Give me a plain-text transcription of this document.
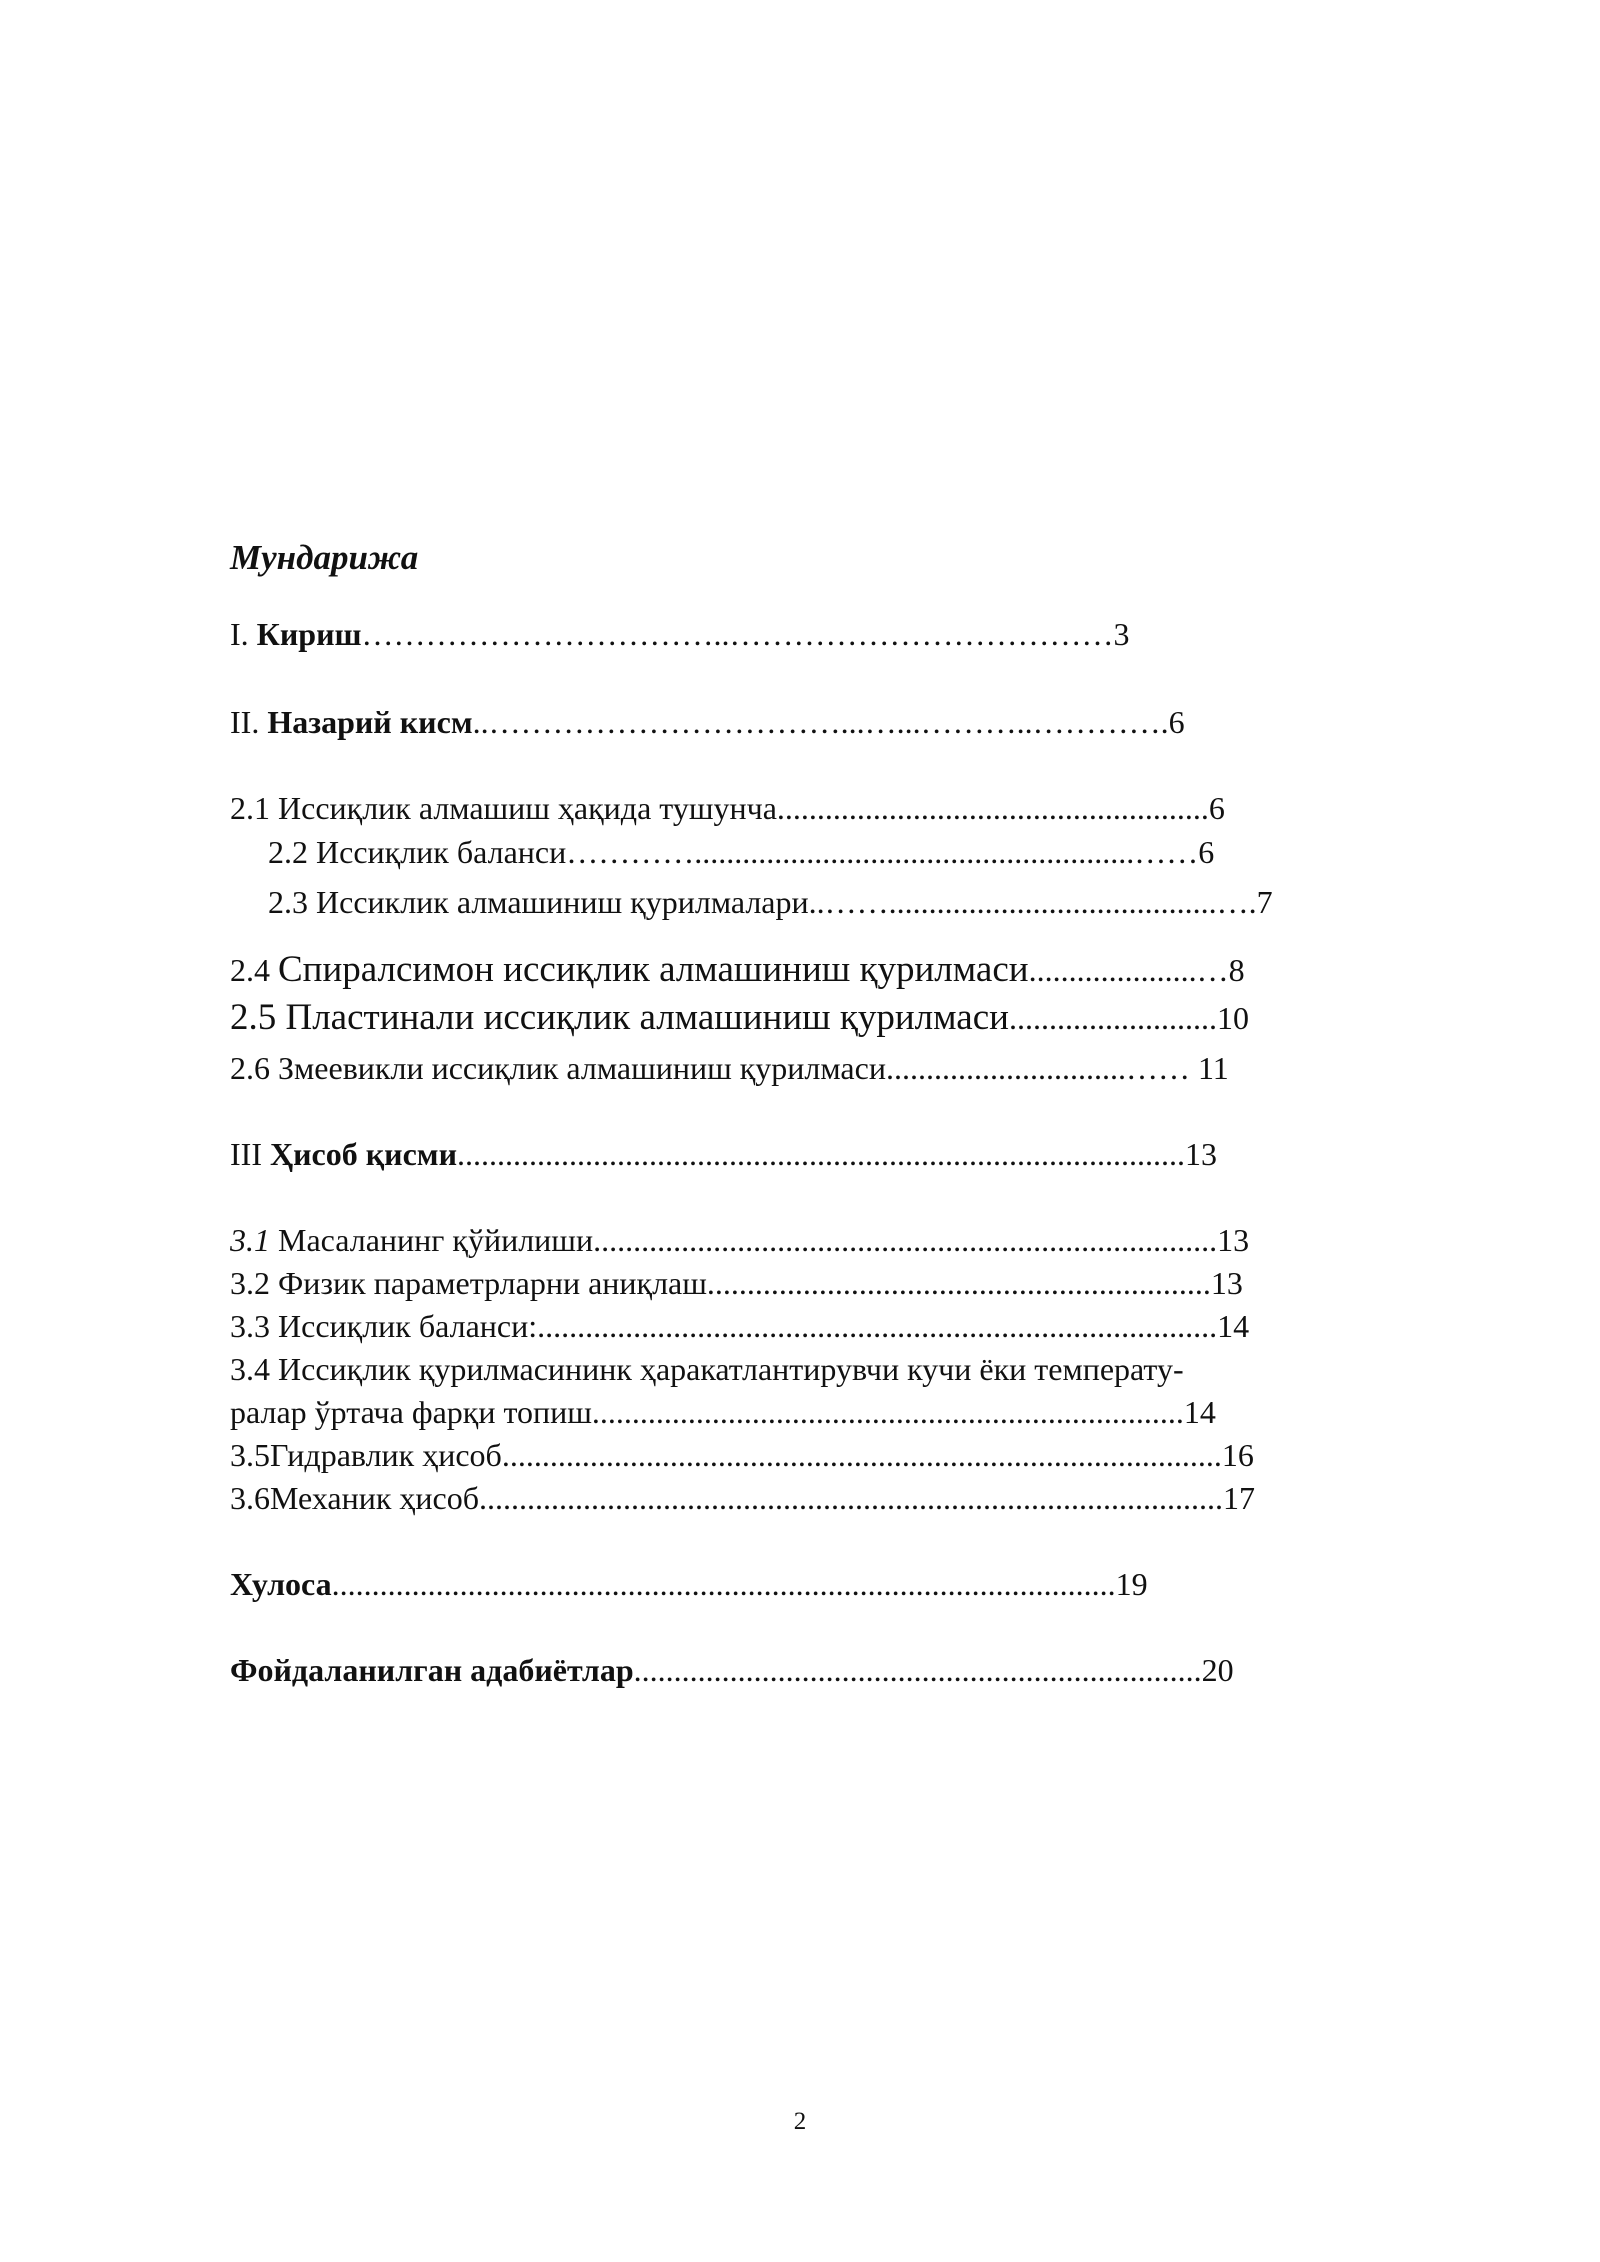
Мундарижа
I. Кириш……………………………..………………………………3
II. Назарий кисм..……………………………...…...………..………….6
2.1 Иссиқлик алмашиш ҳақида тушунча......................................................6
2.2 Иссиқлик баланси………….......................................................……6
2.3 Иссиклик алмашиниш қурилмалари..…….........................................….7
2.4 Спиралсимон иссиқлик алмашиниш қурилмаси.....................…8
2.5 Пластинали иссиқлик алмашиниш қурилмаси..........................10
2.6 Змеевикли иссиқлик алмашиниш қурилмаси..............................…… 11
III Ҳисоб қисми...........................................................................................13
3.1 Масаланинг қўйилиши..............................................................................13
3.2 Физик параметрларни аниқлаш...............................................................13
3.3 Иссиқлик баланси:.....................................................................................14
3.4 Иссиқлик қурилмасининк ҳаракатлантирувчи кучи ёки температу-
ралар ўртача фарқи топиш..........................................................................14
3.5Гидравлик ҳисоб..........................................................................................16
3.6Механик ҳисоб.............................................................................................17
Хулоса..................................................................................................19
Фойдаланилган адабиётлар.......................................................................20
2
